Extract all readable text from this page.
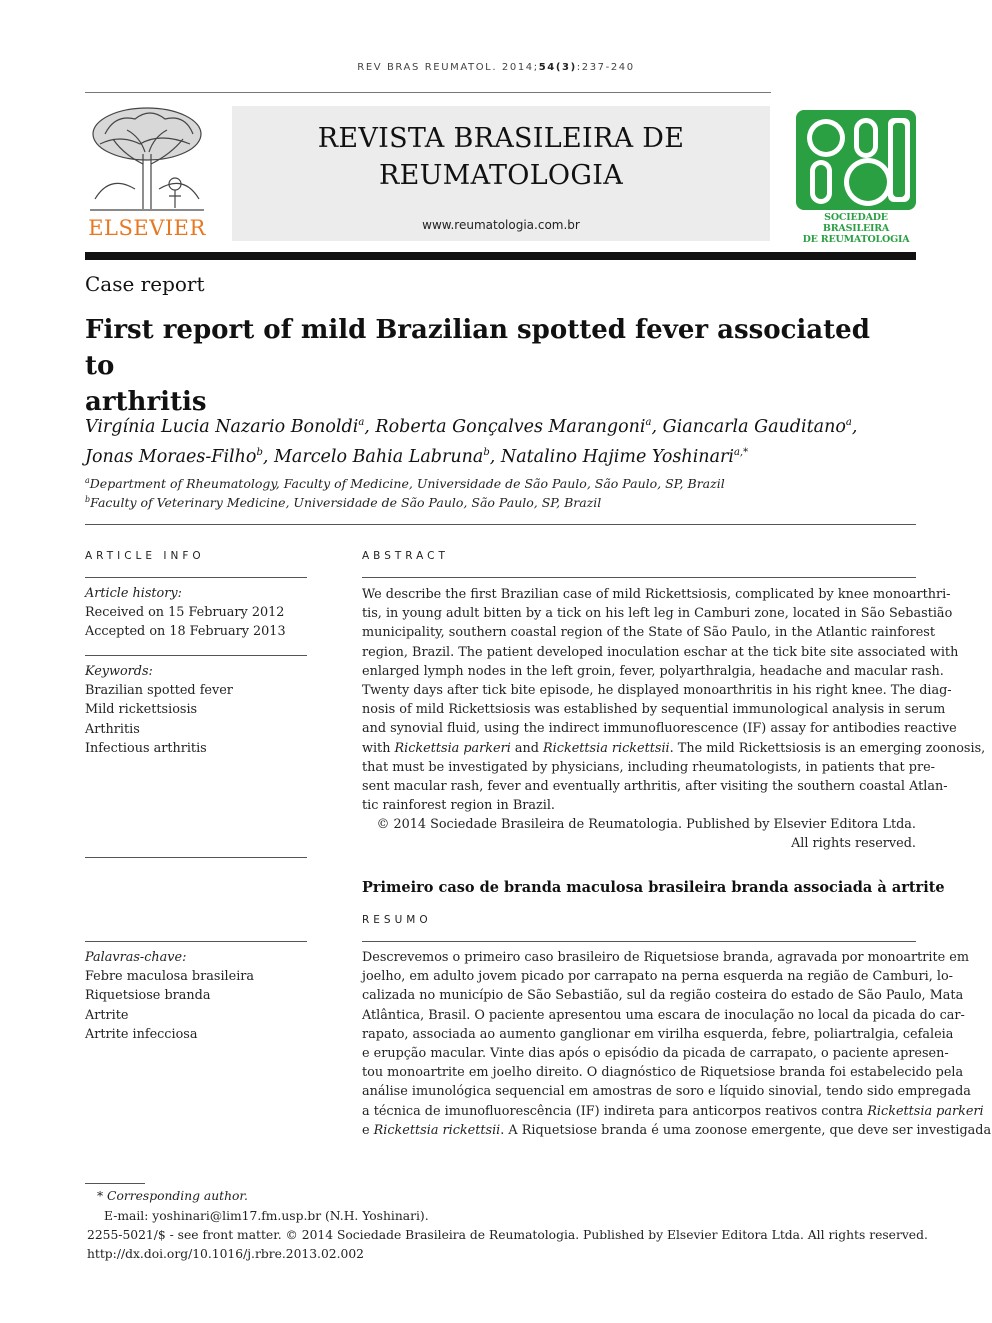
REV BRAS REUMATOL. 2014;54(3):237-240
ELSEVIER
REVISTA BRASILEIRA DE
REUMATOLOGIA
www.reumatologia.com.br
SOCIEDADE BRASILEIRA
DE REUMATOLOGIA
Case report
First report of mild Brazilian spotted fever associated to
arthritis
Virgínia Lucia Nazario Bonoldi$^a$, Roberta Gonçalves Marangoni$^a$, Giancarla Gauditano$^a$,
Jonas Moraes-Filho$^b$, Marcelo Bahia Labruna$^b$, Natalino Hajime Yoshinari$^{a,*}$
$^a$Department of Rheumatology, Faculty of Medicine, Universidade de São Paulo, São Paulo, SP, Brazil
$^b$Faculty of Veterinary Medicine, Universidade de São Paulo, São Paulo, SP, Brazil
ARTICLE INFO
Article history:
Received on 15 February 2012
Accepted on 18 February 2013
Keywords:
Brazilian spotted fever
Mild rickettsiosis
Arthritis
Infectious arthritis
ABSTRACT
We describe the first Brazilian case of mild Rickettsiosis, complicated by knee monoarthri-
tis, in young adult bitten by a tick on his left leg in Camburi zone, located in São Sebastião
municipality, southern coastal region of the State of São Paulo, in the Atlantic rainforest
region, Brazil. The patient developed inoculation eschar at the tick bite site associated with
enlarged lymph nodes in the left groin, fever, polyarthralgia, headache and macular rash.
Twenty days after tick bite episode, he displayed monoarthritis in his right knee. The diag-
nosis of mild Rickettsiosis was established by sequential immunological analysis in serum
and synovial fluid, using the indirect immunofluorescence (IF) assay for antibodies reactive
with Rickettsia parkeri and Rickettsia rickettsii. The mild Rickettsiosis is an emerging zoonosis,
that must be investigated by physicians, including rheumatologists, in patients that pre-
sent macular rash, fever and eventually arthritis, after visiting the southern coastal Atlan-
tic rainforest region in Brazil.
© 2014 Sociedade Brasileira de Reumatologia. Published by Elsevier Editora Ltda.
All rights reserved.
Primeiro caso de branda maculosa brasileira branda associada à artrite
RESUMO
Palavras-chave:
Febre maculosa brasileira
Riquetsiose branda
Artrite
Artrite infecciosa
Descrevemos o primeiro caso brasileiro de Riquetsiose branda, agravada por monoartrite em
joelho, em adulto jovem picado por carrapato na perna esquerda na região de Camburi, lo-
calizada no município de São Sebastião, sul da região costeira do estado de São Paulo, Mata
Atlântica, Brasil. O paciente apresentou uma escara de inoculação no local da picada do car-
rapato, associada ao aumento ganglionar em virilha esquerda, febre, poliartralgia, cefaleia
e erupção macular. Vinte dias após o episódio da picada de carrapato, o paciente apresen-
tou monoartrite em joelho direito. O diagnóstico de Riquetsiose branda foi estabelecido pela
análise imunológica sequencial em amostras de soro e líquido sinovial, tendo sido empregada
a técnica de imunofluorescência (IF) indireta para anticorpos reativos contra Rickettsia parkeri
e Rickettsia rickettsii. A Riquetsiose branda é uma zoonose emergente, que deve ser investigada
* Corresponding author.
E-mail: yoshinari@lim17.fm.usp.br (N.H. Yoshinari).
2255-5021/$ - see front matter. © 2014 Sociedade Brasileira de Reumatologia. Published by Elsevier Editora Ltda. All rights reserved.
http://dx.doi.org/10.1016/j.rbre.2013.02.002
